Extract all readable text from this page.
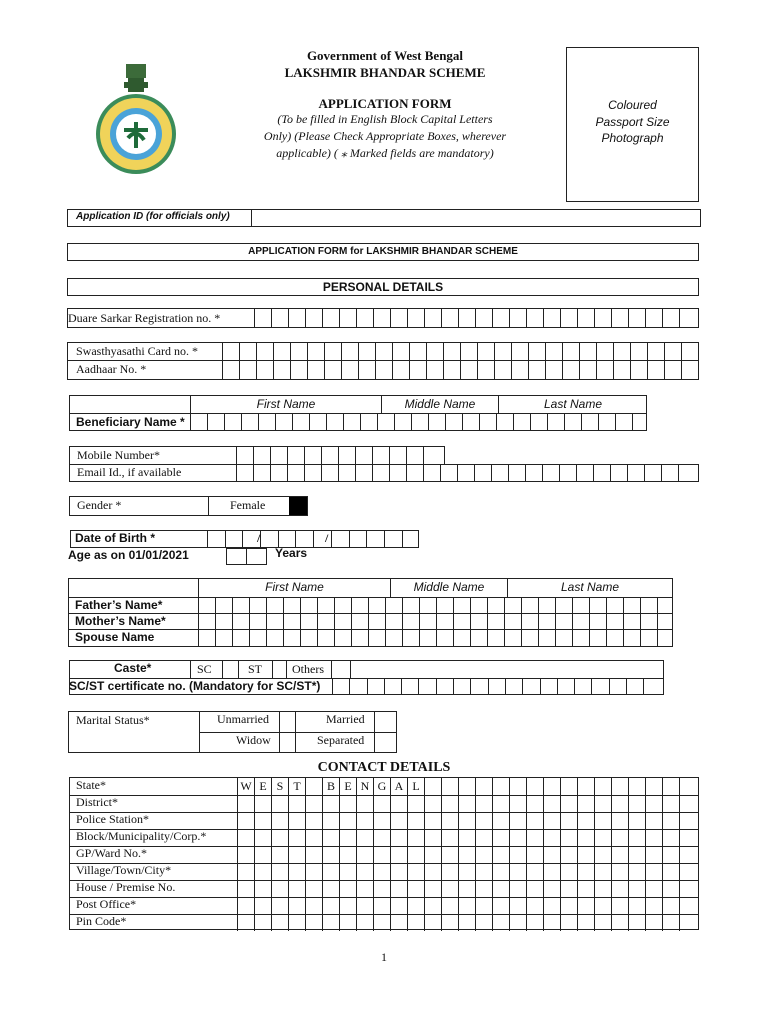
Government of West Bengal
LAKSHMIR BHANDAR SCHEME
APPLICATION FORM
(To be filled in English Block Capital Letters
Only) (Please Check Appropriate Boxes, wherever
applicable) ( ⁎ Marked fields are mandatory)
Coloured
Passport Size
Photograph
Application ID (for officials only)
APPLICATION FORM for LAKSHMIR BHANDAR SCHEME
PERSONAL DETAILS
Duare Sarkar Registration no. *
Swasthyasathi Card no. *
Aadhaar No. *
First Name	Middle Name	Last Name
Beneficiary Name *
Mobile Number*
Email Id., if available
Gender *	Female
Date of Birth *	/	/
Age as on 01/01/2021	Years
First Name	Middle Name	Last Name
Father’s Name*
Mother’s Name*
Spouse Name
Caste*	SC	ST Others
SC/ST certificate no. (Mandatory for SC/ST*)
Marital Status*	Unmarried	Married
Widow	Separated
CONTACT DETAILS
State*	W E S T	B E N G A L
District*
Police Station*
Block/Municipality/Corp.*
GP/Ward No.*
Village/Town/City*
House / Premise No.
Post Office*
Pin Code*
1
